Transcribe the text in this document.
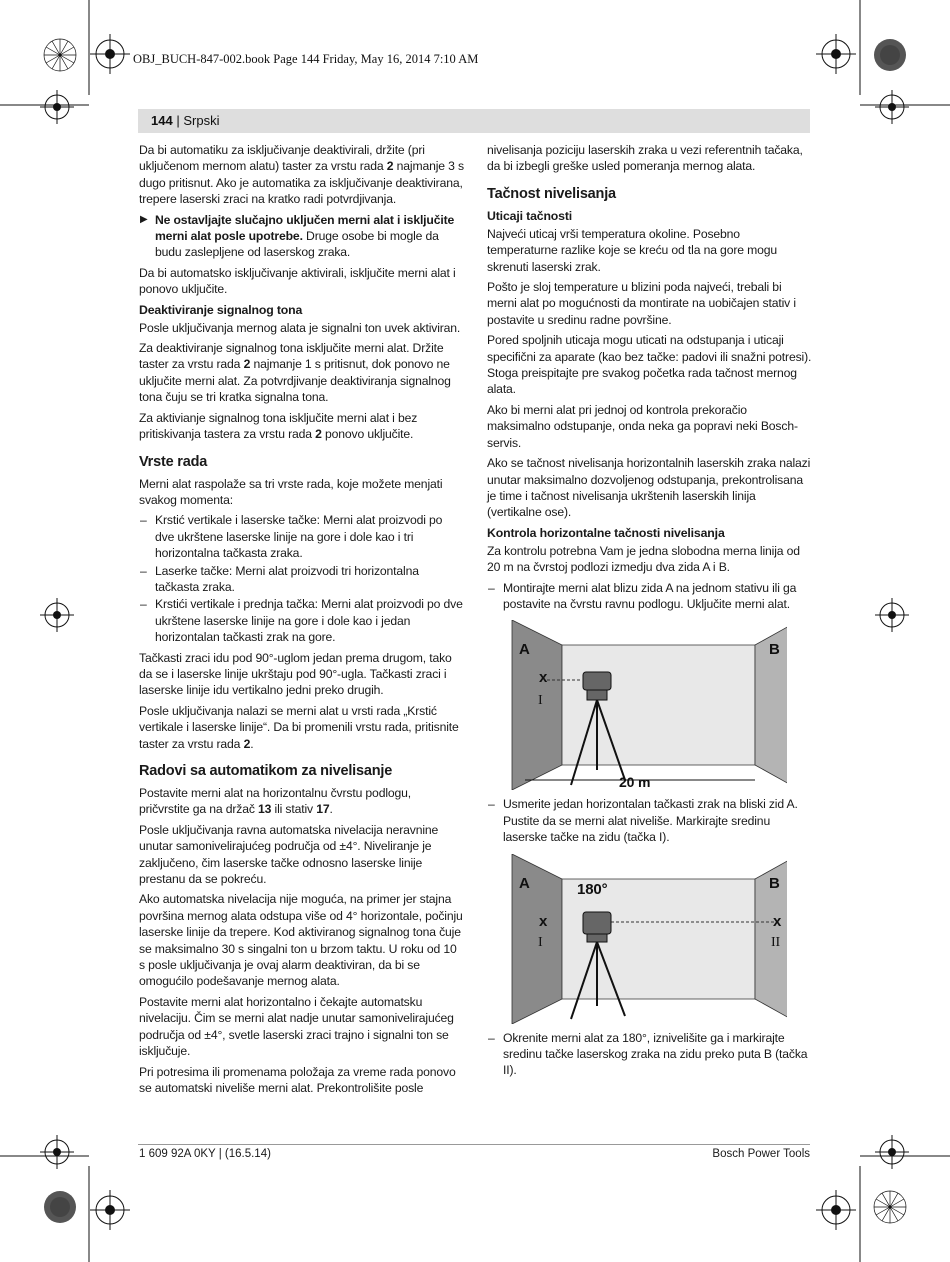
OBJ_BUCH-847-002.book Page 144 Friday, May 16, 2014 7:10 AM
144 | Srpski

Da bi automatiku za isključivanje deaktivirali, držite (pri uključenom mernom alatu) taster za vrstu rada 2 najmanje 3 s dugo pritisnut. Ako je automatika za isključivanje deaktivirana, trepere laserski zraci na kratko radi potvrdjivanja.

▶ Ne ostavljajte slučajno uključen merni alat i isključite merni alat posle upotrebe. Druge osobe bi mogle da budu zaslepljene od laserskog zraka.

Da bi automatsko isključivanje aktivirali, isključite merni alat i ponovo uključite.

Deaktiviranje signalnog tona

Posle uključivanja mernog alata je signalni ton uvek aktiviran.

Za deaktiviranje signalnog tona isključite merni alat. Držite taster za vrstu rada 2 najmanje 1 s pritisnut, dok ponovo ne uključite merni alat. Za potvrdjivanje deaktiviranja signalnog tona čuju se tri kratka signalna tona.

Za aktivianje signalnog tona isključite merni alat i bez pritiskivanja tastera za vrstu rada 2 ponovo uključite.

Vrste rada

Merni alat raspolaže sa tri vrste rada, koje možete menjati svakog momenta:

– Krstić vertikale i laserske tačke: Merni alat proizvodi po dve ukrštene laserske linije na gore i dole kao i tri horizontalna tačkasta zraka.
– Laserke tačke: Merni alat proizvodi tri horizontalna tačkasta zraka.
– Krstići vertikale i prednja tačka: Merni alat proizvodi po dve ukrštene laserske linije na gore i dole kao i jedan horizontalan tačkasti zrak na gore.

Tačkasti zraci idu pod 90°-uglom jedan prema drugom, tako da se i laserske linije ukrštaju pod 90°-ugla. Tačkasti zraci i laserske linije idu vertikalno jedni preko drugih.

Posle uključivanja nalazi se merni alat u vrsti rada „Krstić vertikale i laserske linije“. Da bi promenili vrstu rada, pritisnite taster za vrstu rada 2.

Radovi sa automatikom za nivelisanje

Postavite merni alat na horizontalnu čvrstu podlogu, pričvrstite ga na držač 13 ili stativ 17.

Posle uključivanja ravna automatska nivelacija neravnine unutar samonivelirajućeg područja od ±4°. Niveliranje je zaključeno, čim laserske tačke odnosno laserske linije prestanu da se pokreću.

Ako automatska nivelacija nije moguća, na primer jer stajna površina mernog alata odstupa više od 4° horizontale, počinju laserske linije da trepere. Kod aktiviranog signalnog tona čuje se maksimalno 30 s singalni ton u brzom taktu. U roku od 10 s posle uključivanja je ovaj alarm deaktiviran, da bi se omogućilo podešavanje mernog alata.

Postavite merni alat horizontalno i čekajte automatsku nivelaciju. Čim se merni alat nadje unutar samonivelirajućeg područja od ±4°, svetle laserski zraci trajno i signalni ton se isključuje.

Pri potresima ili promenama položaja za vreme rada ponovo se automatski niveliše merni alat. Prekontrolišite posle

nivelisanja poziciju laserskih zraka u vezi referentnih tačaka, da bi izbegli greške usled pomeranja mernog alata.

Tačnost nivelisanja
Uticaji tačnosti

Najveći uticaj vrši temperatura okoline. Posebno temperaturne razlike koje se kreću od tla na gore mogu skrenuti laserski zrak.

Pošto je sloj temperature u blizini poda najveći, trebali bi merni alat po mogućnosti da montirate na uobičajen stativ i postavite u sredinu radne površine.

Pored spoljnih uticaja mogu uticati na odstupanja i uticaji specifični za aparate (kao bez tačke: padovi ili snažni potresi). Stoga preispitajte pre svakog početka rada tačnost mernog alata.

Ako bi merni alat pri jednoj od kontrola prekoračio maksimalno odstupanje, onda neka ga popravi neki Bosch-servis.

Ako se tačnost nivelisanja horizontalnih laserskih zraka nalazi unutar maksimalno dozvoljenog odstupanja, prekontrolisana je time i tačnost nivelisanja ukrštenih laserskih linija (vertikalne ose).

Kontrola horizontalne tačnosti nivelisanja

Za kontrolu potrebna Vam je jedna slobodna merna linija od 20 m na čvrstoj podlozi izmedju dva zida A i B.

– Montirajte merni alat blizu zida A na jednom stativu ili ga postavite na čvrstu ravnu podlogu. Uključite merni alat.
A	B
x
I
20 m
– Usmerite jedan horizontalan tačkasti zrak na bliski zid A. Pustite da se merni alat niveliše. Markirajte sredinu laserske tačke na zidu (tačka I).
A	B
180°
x
I
x
II
– Okrenite merni alat za 180°, iznivelišite ga i markirajte sredinu tačke laserskog zraka na zidu preko puta B (tačka II).
1 609 92A 0KY | (16.5.14)	Bosch Power Tools
